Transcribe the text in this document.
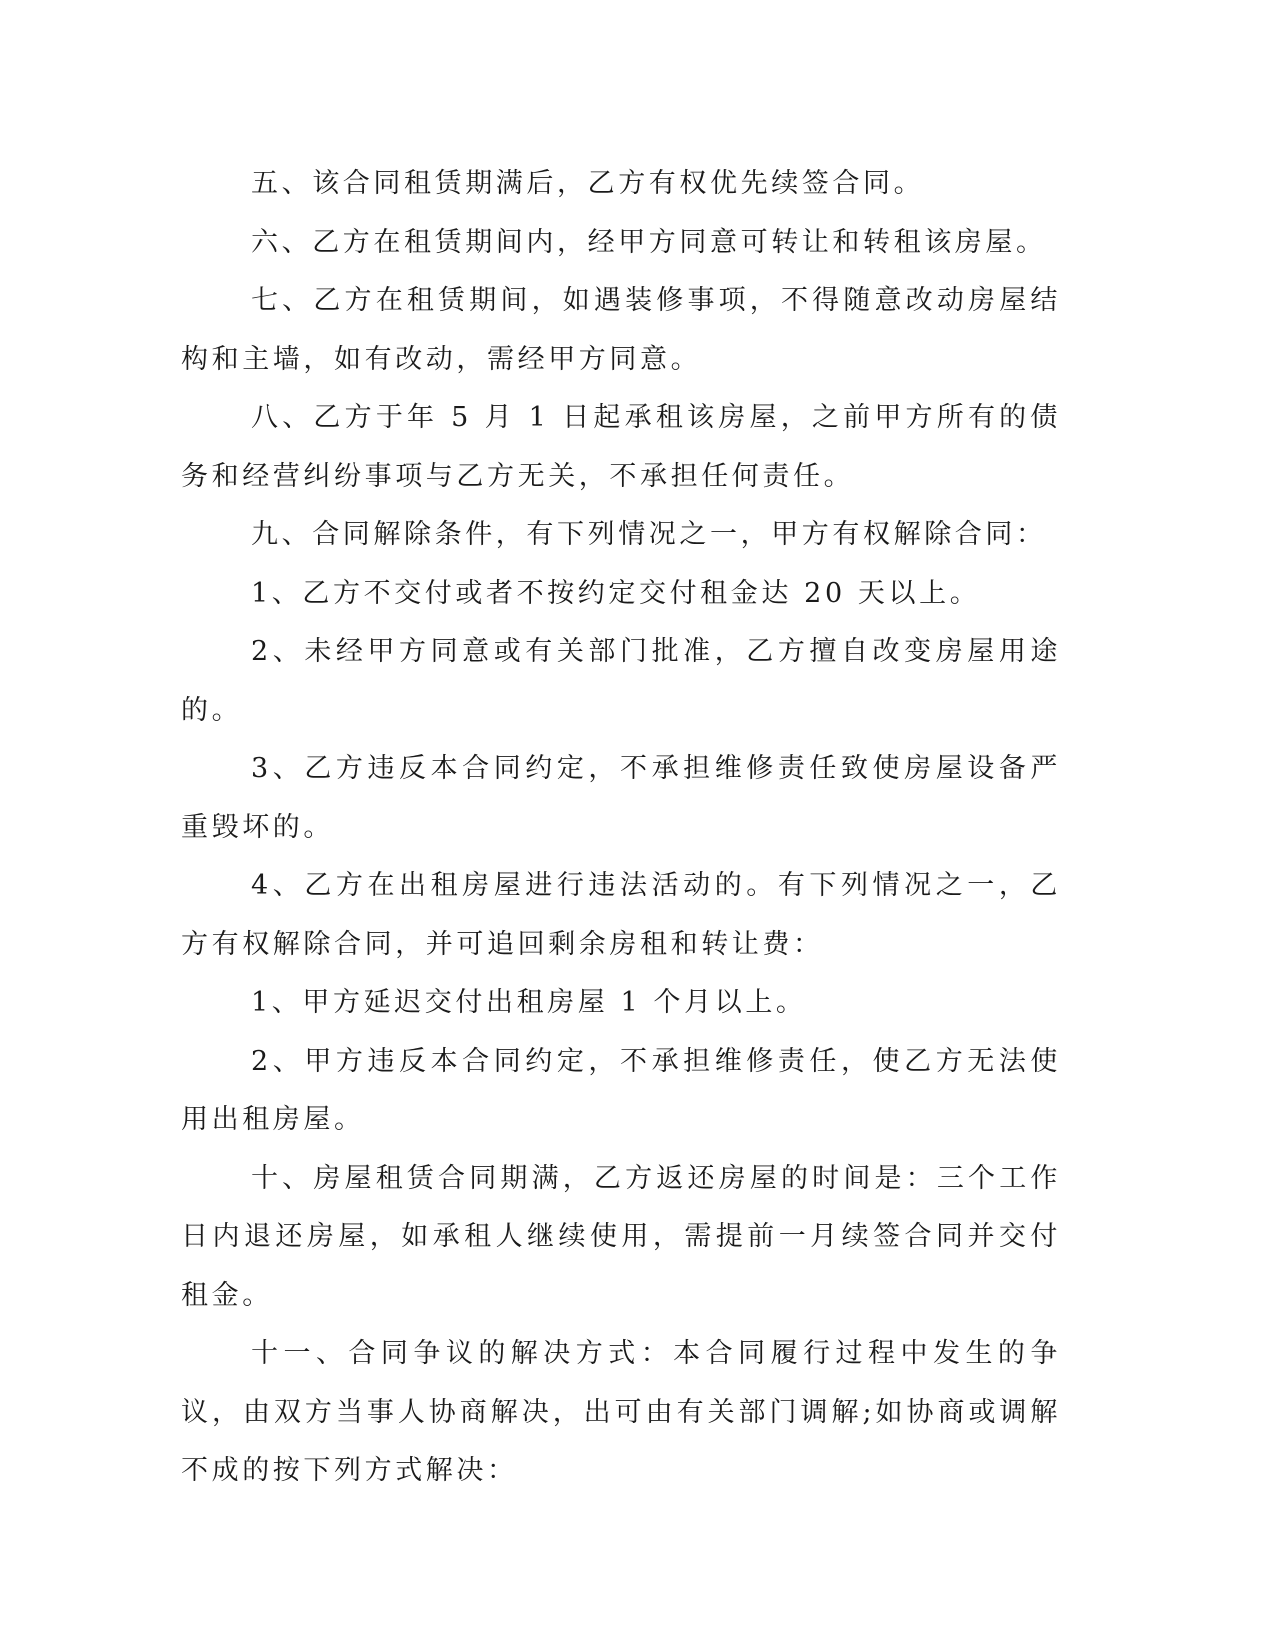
五、该合同租赁期满后，乙方有权优先续签合同。

六、乙方在租赁期间内，经甲方同意可转让和转租该房屋。

七、乙方在租赁期间，如遇装修事项，不得随意改动房屋结构和主墙，如有改动，需经甲方同意。

八、乙方于年 5 月 1 日起承租该房屋，之前甲方所有的债务和经营纠纷事项与乙方无关，不承担任何责任。

九、合同解除条件，有下列情况之一，甲方有权解除合同：

1、乙方不交付或者不按约定交付租金达 20 天以上。

2、未经甲方同意或有关部门批准，乙方擅自改变房屋用途的。

3、乙方违反本合同约定，不承担维修责任致使房屋设备严重毁坏的。

4、乙方在出租房屋进行违法活动的。有下列情况之一，乙方有权解除合同，并可追回剩余房租和转让费：

1、甲方延迟交付出租房屋 1 个月以上。

2、甲方违反本合同约定，不承担维修责任，使乙方无法使用出租房屋。

十、房屋租赁合同期满，乙方返还房屋的时间是：三个工作日内退还房屋，如承租人继续使用，需提前一月续签合同并交付租金。

十一、合同争议的解决方式：本合同履行过程中发生的争议，由双方当事人协商解决，出可由有关部门调解;如协商或调解不成的按下列方式解决：
